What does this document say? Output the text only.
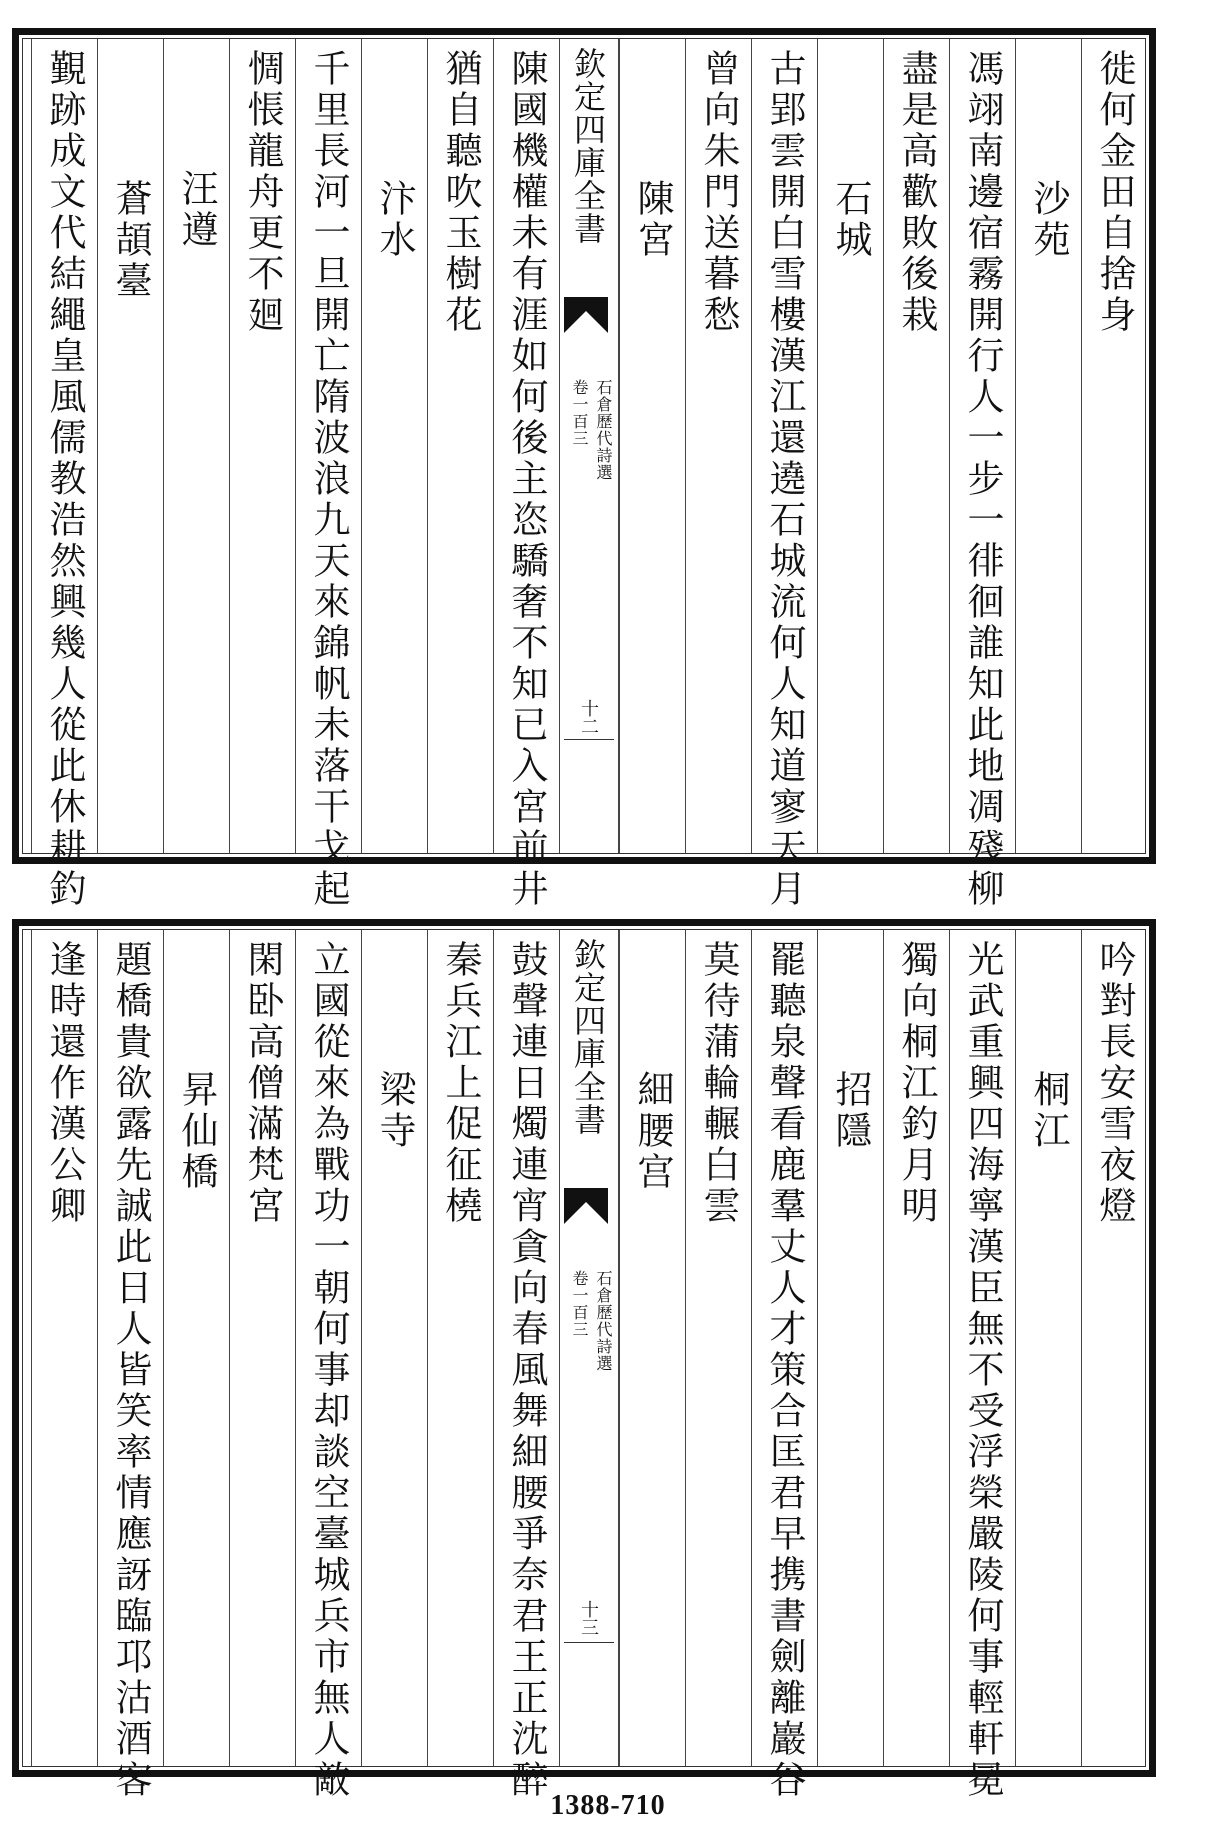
徙何金田自捨身
沙苑
馮翊南邊宿霧開行人一步一徘徊誰知此地凋殘柳
盡是高歡敗後栽
石城
古郢雲開白雪樓漢江還遶石城流何人知道寥天月
曾向朱門送暮愁
陳宮
欽定四庫全書
石倉歷代詩選
卷一百三
十二
陳國機權未有涯如何後主恣驕奢不知已入宮前井
猶自聽吹玉樹花
汴水
千里長河一旦開亡隋波浪九天來錦帆未落干戈起
惆悵龍舟更不廻
汪遵
蒼頡臺
覲跡成文代結繩皇風儒教浩然興幾人從此休耕釣
吟對長安雪夜燈
桐江
光武重興四海寧漢臣無不受浮榮嚴陵何事輕軒冕
獨向桐江釣月明
招隱
罷聽泉聲看鹿羣丈人才策合匡君早携書劍離巖谷
莫待蒲輪輾白雲
細腰宫
欽定四庫全書
石倉歷代詩選
卷一百三
十三
鼓聲連日燭連宵貪向春風舞細腰爭奈君王正沈醉
秦兵江上促征橈
梁寺
立國從來為戰功一朝何事却談空臺城兵市無人敵
閑卧高僧滿梵宮
昇仙橋
題橋貴欲露先誠此日人皆笑率情應訝臨邛沽酒客
逢時還作漢公卿
1388-710
